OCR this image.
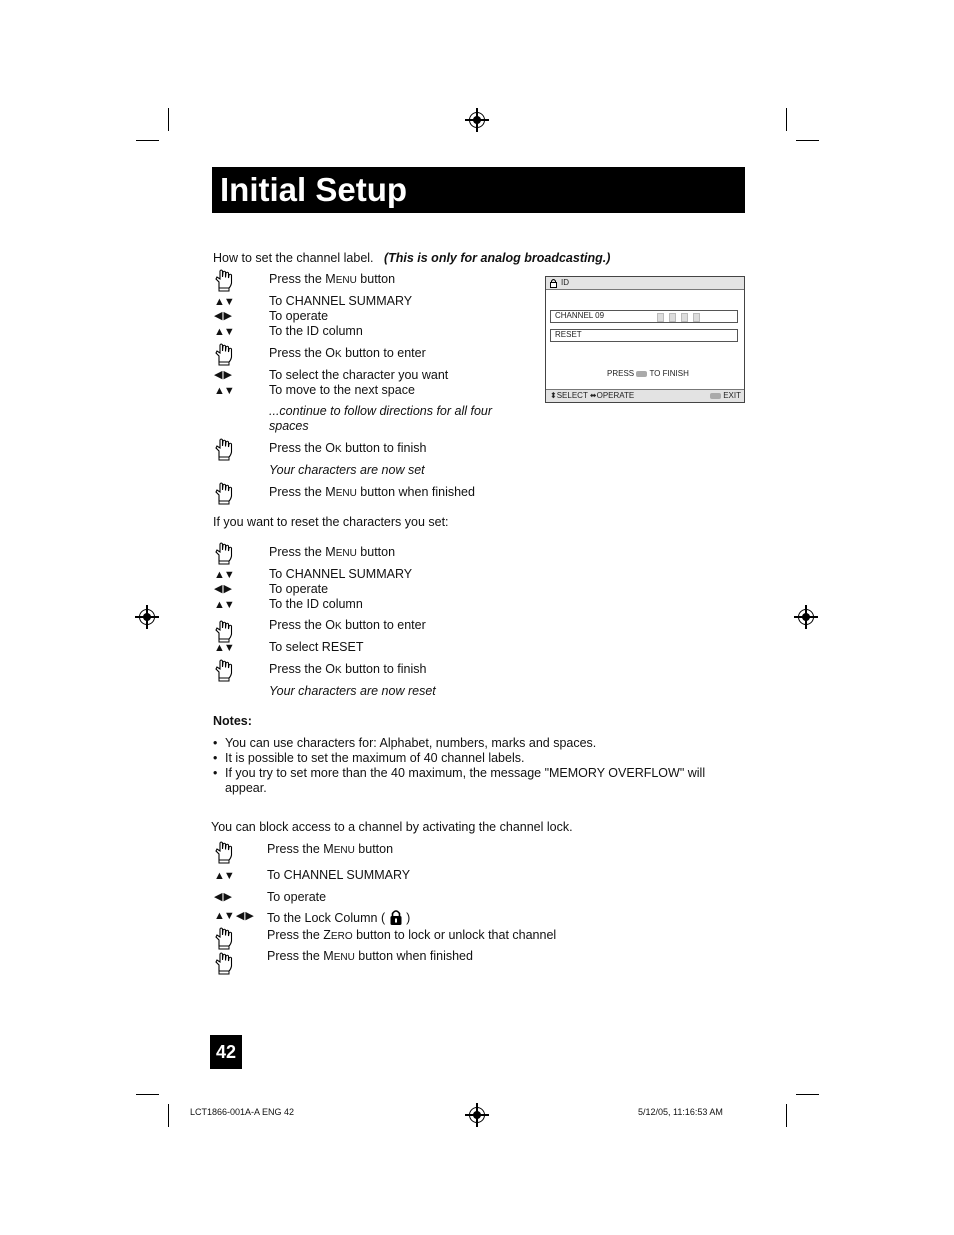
Initial Setup
How to set the channel label. (This is only for analog broadcasting.)
▲▼
◀ ▶
▲▼
◀ ▶
▲▼
Press the MENU button
To CHANNEL SUMMARY
To operate
To the ID column
Press the OK button to enter
To select the character you want
To move to the next space
...continue to follow directions for all four
spaces
Press the OK button to finish
Your characters are now set
Press the MENU button when finished
ID
CHANNEL 09
RESET
PRESS TO FINISH
⬍SELECT ⬌OPERATE	EXIT
If you want to reset the characters you set:
▲▼
◀ ▶
▲▼
▲▼
Press the MENU button
To CHANNEL SUMMARY
To operate
To the ID column
Press the OK button to enter
To select RESET
Press the OK button to finish
Your characters are now reset
Notes:
• You can use characters for: Alphabet, numbers, marks and spaces.
• It is possible to set the maximum of 40 channel labels.
• If you try to set more than the 40 maximum, the message "MEMORY OVERFLOW" will
appear.
You can block access to a channel by activating the channel lock.
▲▼
◀ ▶
▲▼ ◀ ▶
Press the MENU button
To CHANNEL SUMMARY
To operate
To the Lock Column (  )
Press the ZERO button to lock or unlock that channel
Press the MENU button when finished
42
LCT1866-001A-A ENG 42	5/12/05, 11:16:53 AM
